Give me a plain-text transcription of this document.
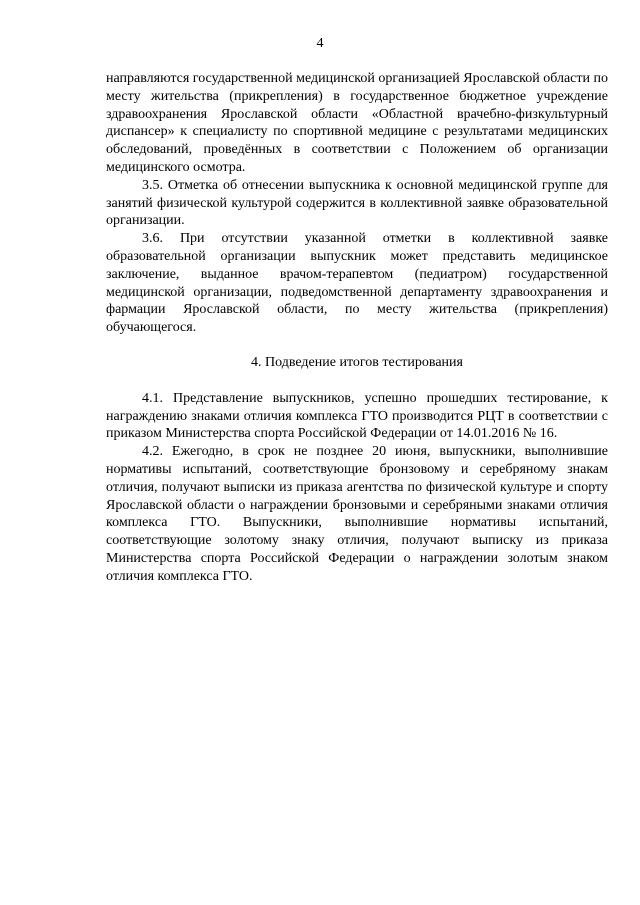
4

направляются государственной медицинской организацией Ярославской области по месту жительства (прикрепления) в государственное бюджетное учреждение здравоохранения Ярославской области «Областной врачебно-физкультурный диспансер» к специалисту по спортивной медицине с результатами медицинских обследований, проведённых в соответствии с Положением об организации медицинского осмотра.

3.5. Отметка об отнесении выпускника к основной медицинской группе для занятий физической культурой содержится в коллективной заявке образовательной организации.

3.6. При отсутствии указанной отметки в коллективной заявке образовательной организации выпускник может представить медицинское заключение, выданное врачом-терапевтом (педиатром) государственной медицинской организации, подведомственной департаменту здравоохранения и фармации Ярославской области, по месту жительства (прикрепления) обучающегося.

4. Подведение итогов тестирования

4.1. Представление выпускников, успешно прошедших тестирование, к награждению знаками отличия комплекса ГТО производится РЦТ в соответствии с приказом Министерства спорта Российской Федерации от 14.01.2016 № 16.

4.2. Ежегодно, в срок не позднее 20 июня, выпускники, выполнившие нормативы испытаний, соответствующие бронзовому и серебряному знакам отличия, получают выписки из приказа агентства по физической культуре и спорту Ярославской области о награждении бронзовыми и серебряными знаками отличия комплекса ГТО. Выпускники, выполнившие нормативы испытаний, соответствующие золотому знаку отличия, получают выписку из приказа Министерства спорта Российской Федерации о награждении золотым знаком отличия комплекса ГТО.
